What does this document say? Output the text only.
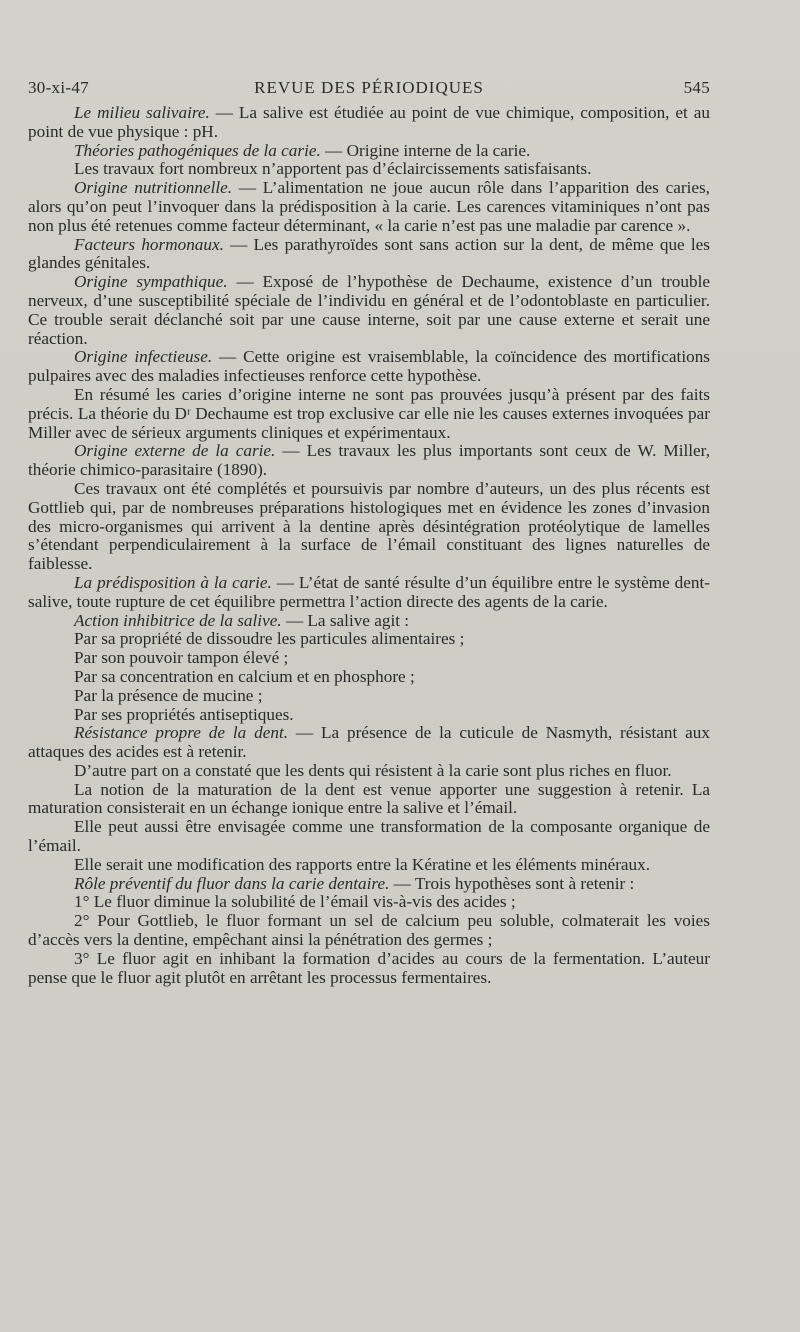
30-xi-47	REVUE DES PÉRIODIQUES	545

Le milieu salivaire. — La salive est étudiée au point de vue chimique, composition, et au point de vue physique : pH.

Théories pathogéniques de la carie. — Origine interne de la carie.

Les travaux fort nombreux n’apportent pas d’éclaircissements satisfaisants.

Origine nutritionnelle. — L’alimentation ne joue aucun rôle dans l’apparition des caries, alors qu’on peut l’invoquer dans la prédisposition à la carie. Les carences vitaminiques n’ont pas non plus été retenues comme facteur déterminant, « la carie n’est pas une maladie par carence ».

Facteurs hormonaux. — Les parathyroïdes sont sans action sur la dent, de même que les glandes génitales.

Origine sympathique. — Exposé de l’hypothèse de Dechaume, existence d’un trouble nerveux, d’une susceptibilité spéciale de l’individu en général et de l’odontoblaste en particulier. Ce trouble serait déclanché soit par une cause interne, soit par une cause externe et serait une réaction.

Origine infectieuse. — Cette origine est vraisemblable, la coïncidence des mortifications pulpaires avec des maladies infectieuses renforce cette hypothèse.

En résumé les caries d’origine interne ne sont pas prouvées jusqu’à présent par des faits précis. La théorie du Dʳ Dechaume est trop exclusive car elle nie les causes externes invoquées par Miller avec de sérieux arguments cliniques et expérimentaux.

Origine externe de la carie. — Les travaux les plus importants sont ceux de W. Miller, théorie chimico-parasitaire (1890).

Ces travaux ont été complétés et poursuivis par nombre d’auteurs, un des plus récents est Gottlieb qui, par de nombreuses préparations histologiques met en évidence les zones d’invasion des micro-organismes qui arrivent à la dentine après désintégration protéolytique de lamelles s’étendant perpendiculairement à la surface de l’émail constituant des lignes naturelles de faiblesse.

La prédisposition à la carie. — L’état de santé résulte d’un équilibre entre le système dent-salive, toute rupture de cet équilibre permettra l’action directe des agents de la carie.

Action inhibitrice de la salive. — La salive agit :

Par sa propriété de dissoudre les particules alimentaires ;

Par son pouvoir tampon élevé ;

Par sa concentration en calcium et en phosphore ;

Par la présence de mucine ;

Par ses propriétés antiseptiques.

Résistance propre de la dent. — La présence de la cuticule de Nasmyth, résistant aux attaques des acides est à retenir.

D’autre part on a constaté que les dents qui résistent à la carie sont plus riches en fluor.

La notion de la maturation de la dent est venue apporter une suggestion à retenir. La maturation consisterait en un échange ionique entre la salive et l’émail.

Elle peut aussi être envisagée comme une transformation de la composante organique de l’émail.

Elle serait une modification des rapports entre la Kératine et les éléments minéraux.

Rôle préventif du fluor dans la carie dentaire. — Trois hypothèses sont à retenir :

1° Le fluor diminue la solubilité de l’émail vis-à-vis des acides ;

2° Pour Gottlieb, le fluor formant un sel de calcium peu soluble, colmaterait les voies d’accès vers la dentine, empêchant ainsi la pénétration des germes ;

3° Le fluor agit en inhibant la formation d’acides au cours de la fermentation. L’auteur pense que le fluor agit plutôt en arrêtant les processus fermentaires.
